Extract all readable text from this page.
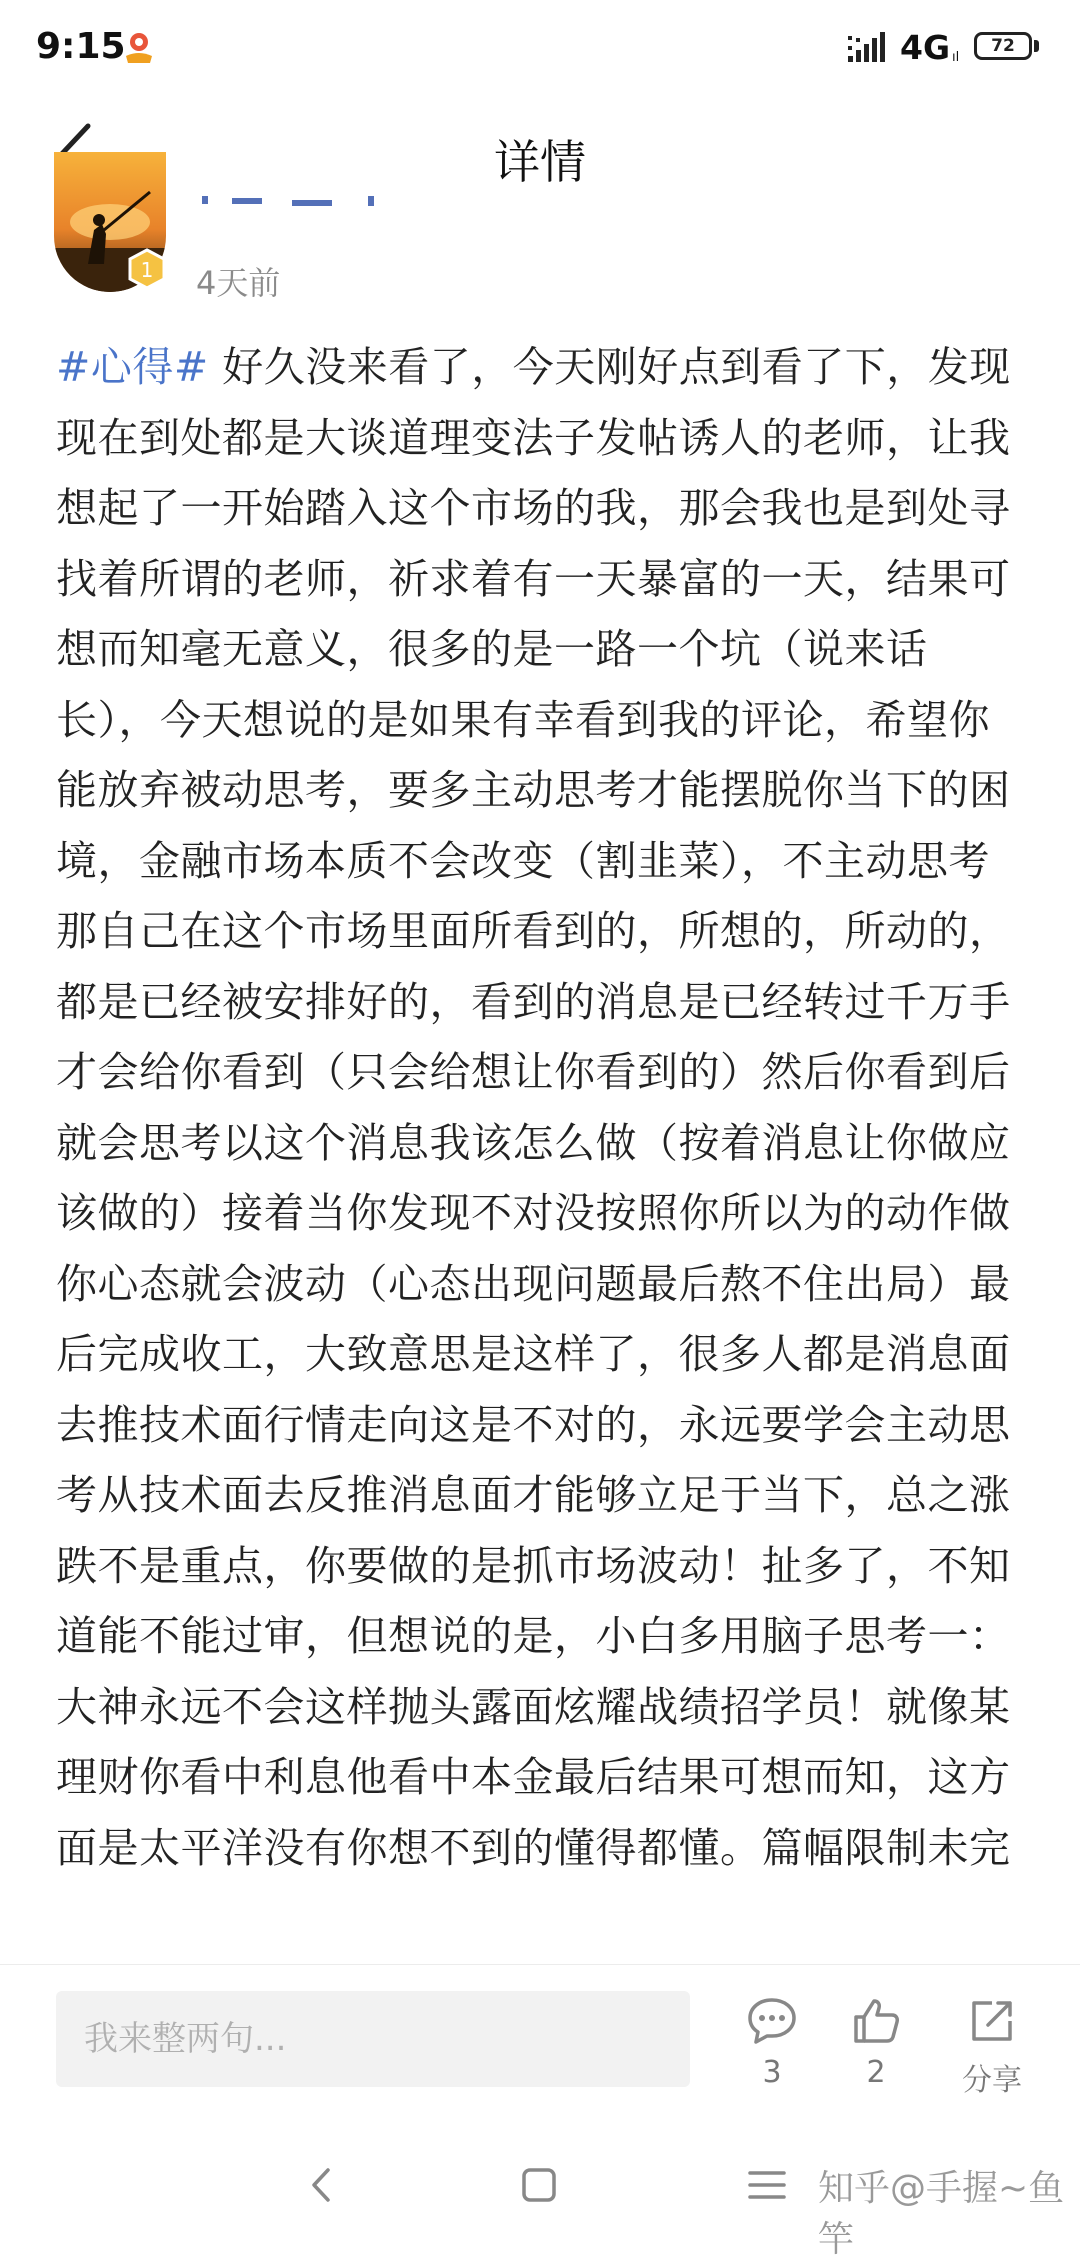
9:15	4G ıl
72
详情
1 4天前
#心得# 好久没来看了，今天刚好点到看了下，发现现在到处都是大谈道理变法子发帖诱人的老师，让我想起了一开始踏入这个市场的我，那会我也是到处寻找着所谓的老师，祈求着有一天暴富的一天，结果可想而知毫无意义，很多的是一路一个坑（说来话长），今天想说的是如果有幸看到我的评论，希望你能放弃被动思考，要多主动思考才能摆脱你当下的困境，金融市场本质不会改变（割韭菜），不主动思考那自己在这个市场里面所看到的，所想的，所动的，都是已经被安排好的，看到的消息是已经转过千万手才会给你看到（只会给想让你看到的）然后你看到后就会思考以这个消息我该怎么做（按着消息让你做应该做的）接着当你发现不对没按照你所以为的动作做你心态就会波动（心态出现问题最后熬不住出局）最后完成收工，大致意思是这样了，很多人都是消息面去推技术面行情走向这是不对的，永远要学会主动思考从技术面去反推消息面才能够立足于当下，总之涨跌不是重点，你要做的是抓市场波动！扯多了，不知道能不能过审，但想说的是，小白多用脑子思考一：大神永远不会这样抛头露面炫耀战绩招学员！就像某理财你看中利息他看中本金最后结果可想而知，这方面是太平洋没有你想不到的懂得都懂。篇幅限制未完
我来整两句...
3	2	分享
知乎@手握~鱼竿
